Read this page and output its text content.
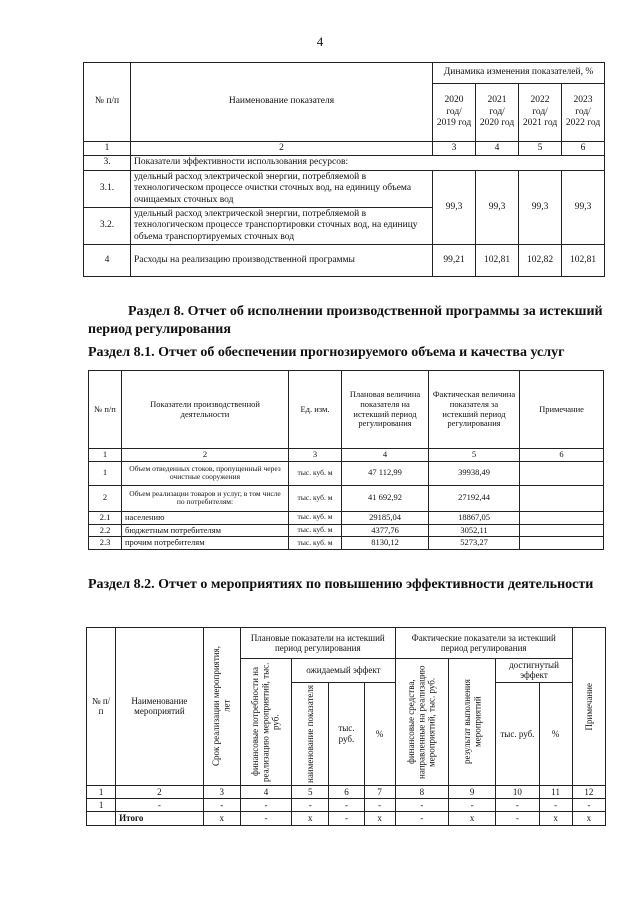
4
№ п/п	Наименование показателя	Динамика изменения показателей, %			
		2020 год/ 2019 год	2021 год/ 2020 год	2022 год/ 2021 год	2023 год/ 2022 год
1	2	3	4	5	6
3.	Показатели эффективности использования ресурсов:				
3.1.	удельный расход электрической энергии, потребляемой в технологическом процессе очистки сточных вод, на единицу объема очищаемых сточных вод	99,3	99,3	99,3	99,3
3.2.	удельный расход электрической энергии, потребляемой в технологическом процессе транспортировки сточных вод, на единицу объема транспортируемых сточных вод				
4	Расходы на реализацию производственной программы	99,21	102,81	102,82	102,81

Раздел 8. Отчет об исполнении производственной программы за истекший период регулирования

Раздел 8.1. Отчет об обеспечении прогнозируемого объема и качества услуг

№ п/п	Показатели производственной деятельности	Ед. изм.	Плановая величина показателя на истекший период регулирования	Фактическая величина показателя за истекший период регулирования	Примечание
1	2	3	4	5	6
1	Объем отведенных стоков, пропущенный через очистные сооружения	тыс. куб. м	47 112,99	39938,49	
2	Объем реализации товаров и услуг, в том числе по потребителям:	тыс. куб. м	41 692,92	27192,44	
2.1	населению	тыс. куб. м	29185,04	18867,05	
2.2	бюджетным потребителям	тыс. куб. м	4377,76	3052,11	
2.3	прочим потребителям	тыс. куб. м	8130,12	5273,27	

Раздел 8.2. Отчет о мероприятиях по повышению эффективности деятельности

№ п/п	Наименование мероприятий	Срок реализации мероприятия, лет	Плановые показатели на истекший период регулирования				Фактические показатели за истекший период регулирования				Примечание

			финансовые потребности на реализацию мероприятий, тыс. руб.	ожидаемый эффект			финансовые средства, направленные на реализацию мероприятий, тыс. руб.	результат выполнения мероприятий	достигнутый эффект		

				наименование показателя	тыс. руб.	%			тыс. руб.	%	

1	2	3	4	5	6	7	8	9	10	11	12
1	-	-	-	-	-	-	-	-	-	-	-
	Итого	x	-	x	-	x	-	x	-	x	x
